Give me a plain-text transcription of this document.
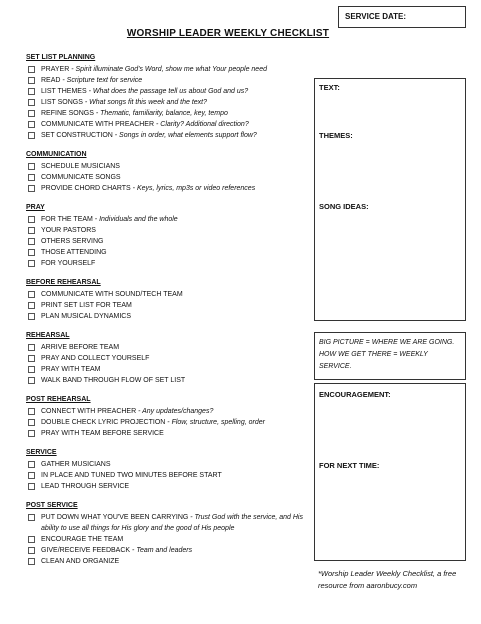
SERVICE DATE:
WORSHIP LEADER WEEKLY CHECKLIST
SET LIST PLANNING
PRAYER - Spirit illuminate God's Word, show me what Your people need
READ - Scripture text for service
LIST THEMES - What does the passage tell us about God and us?
LIST SONGS - What songs fit this week and the text?
REFINE SONGS - Thematic, familiarity, balance, key, tempo
COMMUNICATE WITH PREACHER - Clarity? Additional direction?
SET CONSTRUCTION - Songs in order, what elements support flow?
COMMUNICATION
SCHEDULE MUSICIANS
COMMUNICATE SONGS
PROVIDE CHORD CHARTS - Keys, lyrics, mp3s or video references
PRAY
FOR THE TEAM - Individuals and the whole
YOUR PASTORS
OTHERS SERVING
THOSE ATTENDING
FOR YOURSELF
BEFORE REHEARSAL
COMMUNICATE WITH SOUND/TECH TEAM
PRINT SET LIST FOR TEAM
PLAN MUSICAL DYNAMICS
REHEARSAL
ARRIVE BEFORE TEAM
PRAY AND COLLECT YOURSELF
PRAY WITH TEAM
WALK BAND THROUGH FLOW OF SET LIST
POST REHEARSAL
CONNECT WITH PREACHER - Any updates/changes?
DOUBLE CHECK LYRIC PROJECTION - Flow, structure, spelling, order
PRAY WITH TEAM BEFORE SERVICE
SERVICE
GATHER MUSICIANS
IN PLACE AND TUNED TWO MINUTES BEFORE START
LEAD THROUGH SERVICE
POST SERVICE
PUT DOWN WHAT YOU'VE BEEN CARRYING - Trust God with the service, and His ability to use all things for His glory and the good of His people
ENCOURAGE THE TEAM
GIVE/RECEIVE FEEDBACK - Team and leaders
CLEAN AND ORGANIZE
TEXT:
THEMES:
SONG IDEAS:
BIG PICTURE = WHERE WE ARE GOING. HOW WE GET THERE = WEEKLY SERVICE.
ENCOURAGEMENT:
FOR NEXT TIME:
*Worship Leader Weekly Checklist, a free resource from aaronbucy.com
